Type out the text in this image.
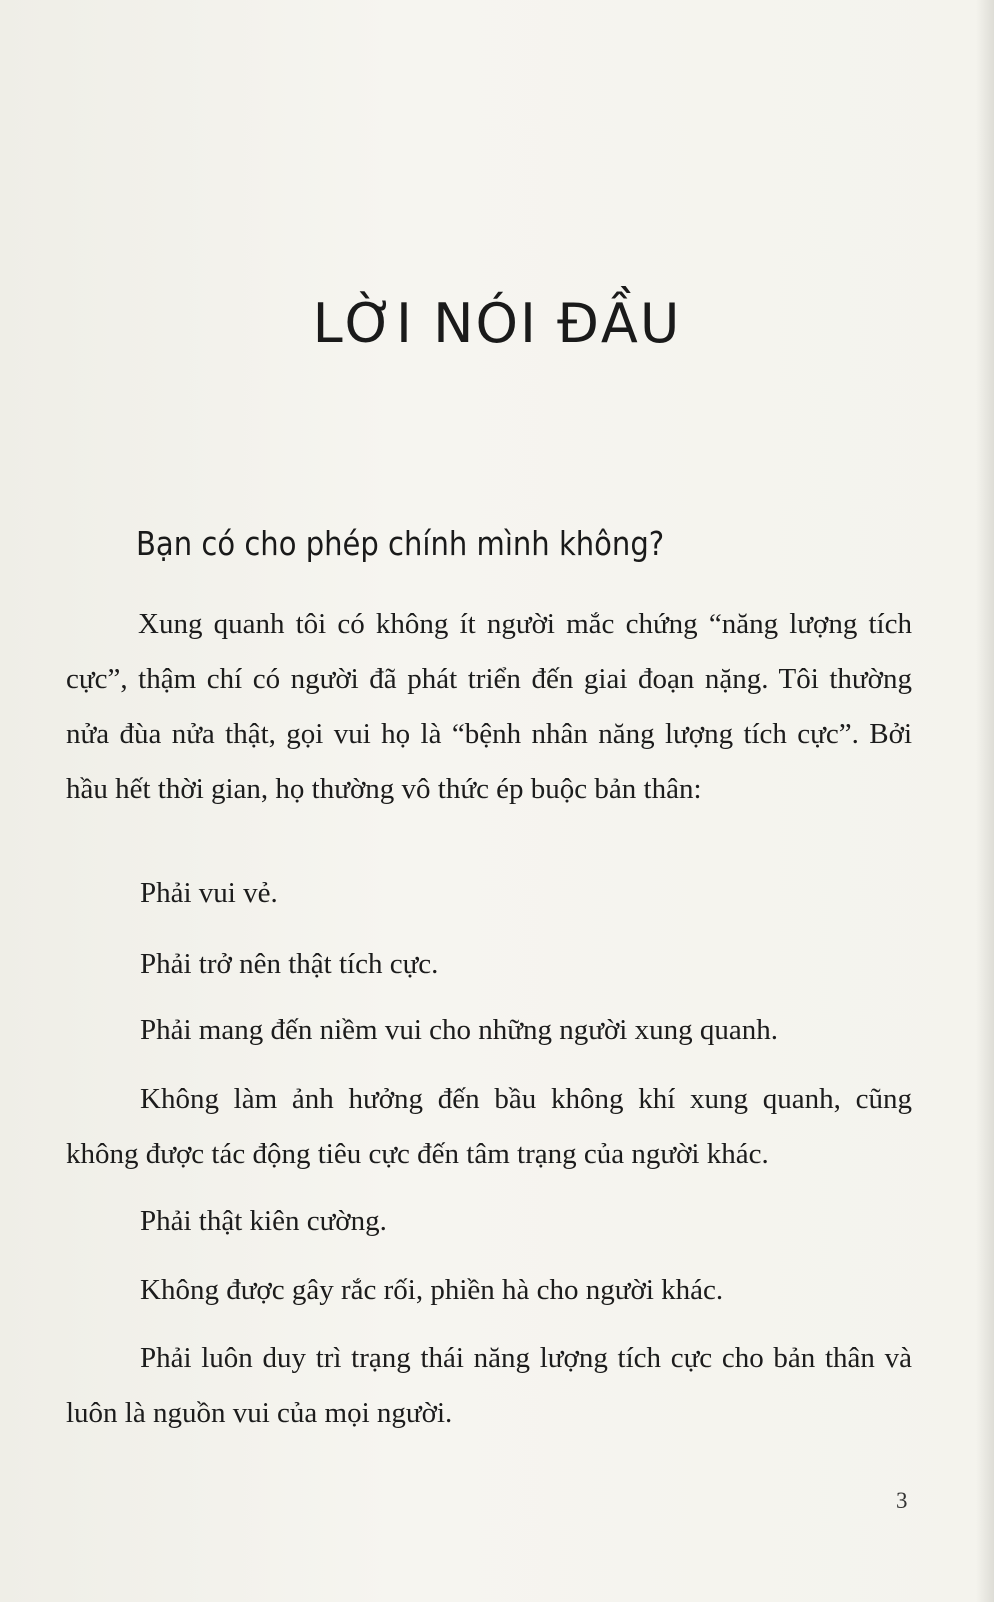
LỜI NÓI ĐẦU
Bạn có cho phép chính mình không?

Xung quanh tôi có không ít người mắc chứng “năng lượng tích cực”, thậm chí có người đã phát triển đến giai đoạn nặng. Tôi thường nửa đùa nửa thật, gọi vui họ là “bệnh nhân năng lượng tích cực”. Bởi hầu hết thời gian, họ thường vô thức ép buộc bản thân:

Phải vui vẻ.

Phải trở nên thật tích cực.

Phải mang đến niềm vui cho những người xung quanh.

Không làm ảnh hưởng đến bầu không khí xung quanh, cũng không được tác động tiêu cực đến tâm trạng của người khác.

Phải thật kiên cường.

Không được gây rắc rối, phiền hà cho người khác.

Phải luôn duy trì trạng thái năng lượng tích cực cho bản thân và luôn là nguồn vui của mọi người.

3
